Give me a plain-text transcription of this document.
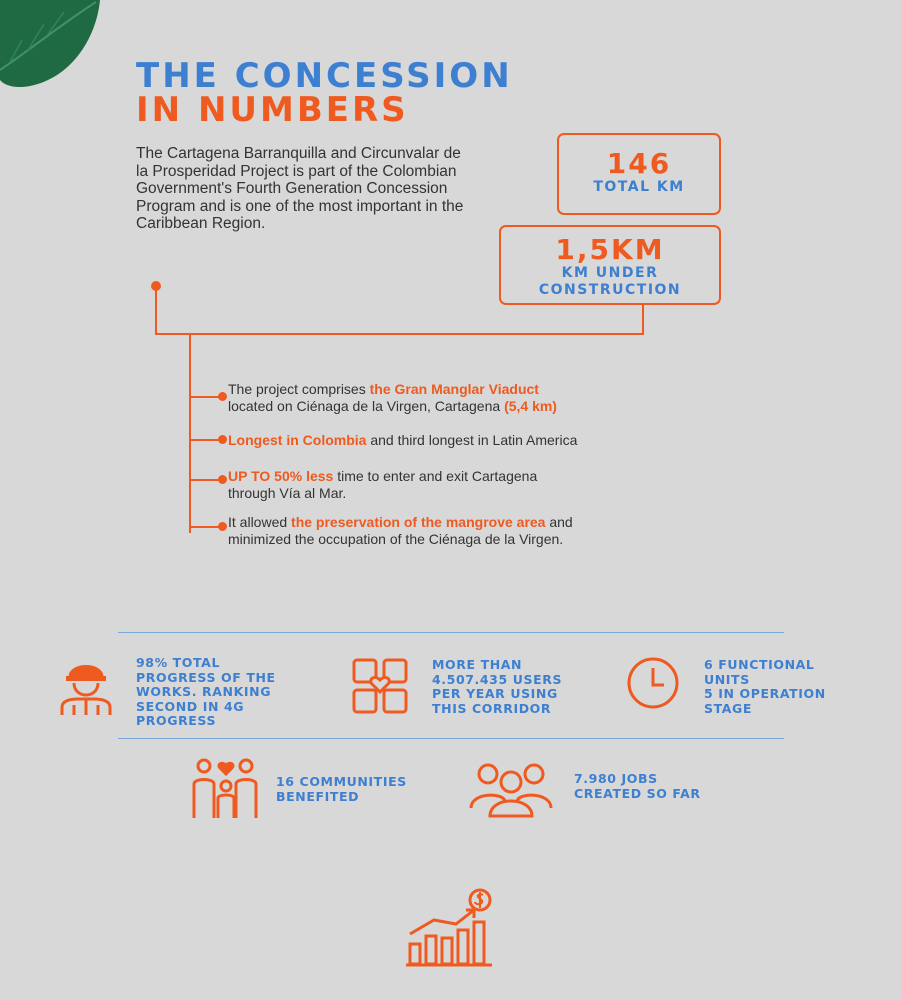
THE CONCESSION
IN NUMBERS
The Cartagena Barranquilla and Circunvalar de la Prosperidad Project is part of the Colombian Government's Fourth Generation Concession Program and is one of the most important in the Caribbean Region.
146
TOTAL KM
1,5KM
KM UNDER
CONSTRUCTION
The project comprises the Gran Manglar Viaduct
located on Ciénaga de la Virgen, Cartagena (5,4 km)
Longest in Colombia and third longest in Latin America
UP TO 50% less time to enter and exit Cartagena
through Vía al Mar.
It allowed the preservation of the mangrove area and
minimized the occupation of the Ciénaga de la Virgen.
98% TOTAL
PROGRESS OF THE
WORKS. RANKING
SECOND IN 4G
PROGRESS
MORE THAN
4.507.435 USERS
PER YEAR USING
THIS CORRIDOR
6 FUNCTIONAL
UNITS
5 IN OPERATION
STAGE
16 COMMUNITIES
BENEFITED
7.980 JOBS
CREATED SO FAR
